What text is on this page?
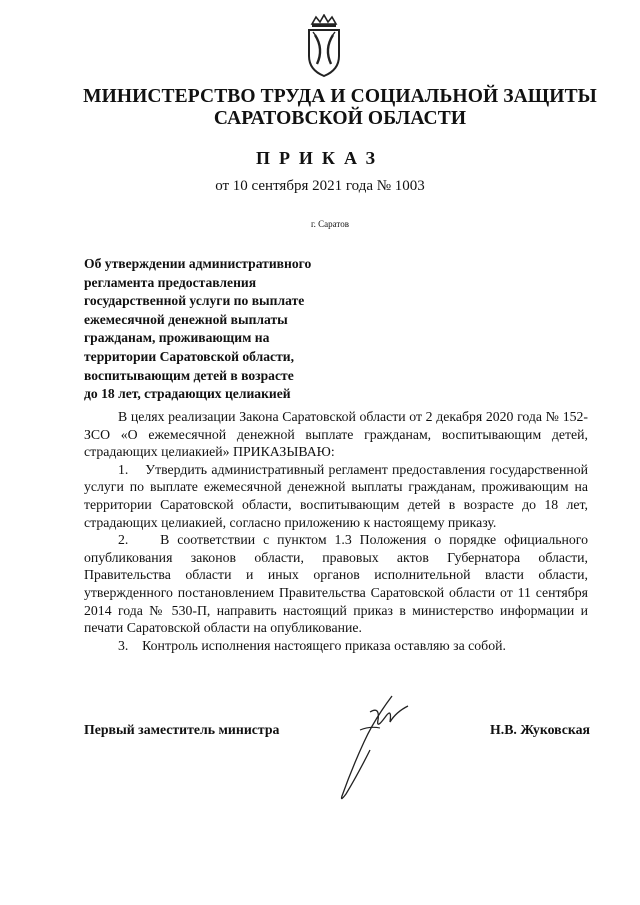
МИНИСТЕРСТВО ТРУДА И СОЦИАЛЬНОЙ ЗАЩИТЫ
САРАТОВСКОЙ ОБЛАСТИ
ПРИКАЗ
от 10 сентября 2021 года № 1003
г. Саратов
Об утверждении административного
регламента предоставления
государственной услуги по выплате
ежемесячной денежной выплаты
гражданам, проживающим на
территории Саратовской области,
воспитывающим детей в возрасте
до 18 лет, страдающих целиакией

В целях реализации Закона Саратовской области от 2 декабря 2020 года № 152-ЗСО «О ежемесячной денежной выплате гражданам, воспитывающим детей, страдающих целиакией» ПРИКАЗЫВАЮ:

1.    Утвердить административный регламент предоставления государственной услуги по выплате ежемесячной денежной выплаты гражданам, проживающим на территории Саратовской области, воспитывающим детей в возрасте до 18 лет, страдающих целиакией, согласно приложению к настоящему приказу.

2.    В соответствии с пунктом 1.3 Положения о порядке официального опубликования законов области, правовых актов Губернатора области, Правительства области и иных органов исполнительной власти области, утвержденного постановлением Правительства Саратовской области от 11 сентября 2014 года № 530-П, направить настоящий приказ в министерство информации и печати Саратовской области на опубликование.

3.    Контроль исполнения настоящего приказа оставляю за собой.

Первый заместитель министра	Н.В. Жуковская
